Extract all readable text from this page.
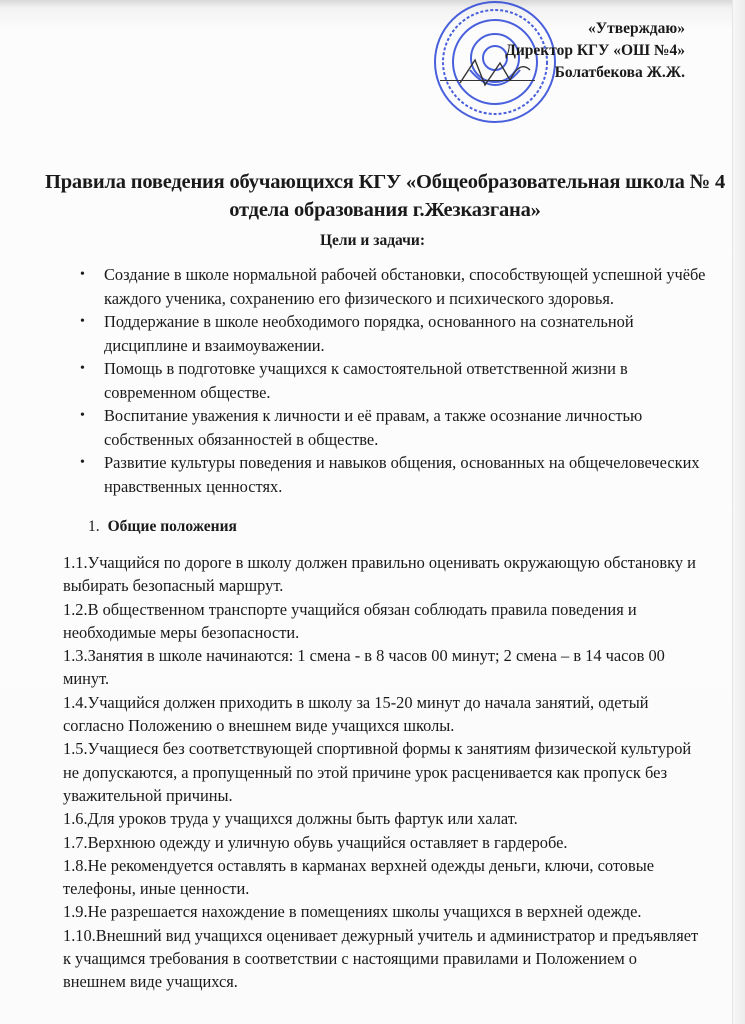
«Утверждаю»
Директор КГУ «ОШ №4»
Болатбекова Ж.Ж.
Правила поведения обучающихся КГУ «Общеобразовательная школа № 4 отдела образования г.Жезказгана»
Цели и задачи:
• Создание в школе нормальной рабочей обстановки, способствующей успешной учёбе каждого ученика, сохранению его физического и психического здоровья.
• Поддержание в школе необходимого порядка, основанного на сознательной дисциплине и взаимоуважении.
• Помощь в подготовке учащихся к самостоятельной ответственной жизни в современном обществе.
• Воспитание уважения к личности и её правам, а также осознание личностью собственных обязанностей в обществе.
• Развитие культуры поведения и навыков общения, основанных на общечеловеческих нравственных ценностях.
1. Общие положения

1.1.Учащийся по дороге в школу должен правильно оценивать окружающую обстановку и выбирать безопасный маршрут.

1.2.В общественном транспорте учащийся обязан соблюдать правила поведения и необходимые меры безопасности.

1.3.Занятия в школе начинаются: 1 смена - в 8 часов 00 минут; 2 смена – в 14 часов 00 минут.

1.4.Учащийся должен приходить в школу за 15-20 минут до начала занятий, одетый согласно Положению о внешнем виде учащихся школы.

1.5.Учащиеся без соответствующей спортивной формы к занятиям физической культурой не допускаются, а пропущенный по этой причине урок расценивается как пропуск без уважительной причины.

1.6.Для уроков труда у учащихся должны быть фартук или халат.

1.7.Верхнюю одежду и уличную обувь учащийся оставляет в гардеробе.

1.8.Не рекомендуется оставлять в карманах верхней одежды деньги, ключи, сотовые телефоны, иные ценности.

1.9.Не разрешается нахождение в помещениях школы учащихся в верхней одежде.

1.10.Внешний вид учащихся оценивает дежурный учитель и администратор и предъявляет к учащимся требования в соответствии с настоящими правилами и Положением о внешнем виде учащихся.
